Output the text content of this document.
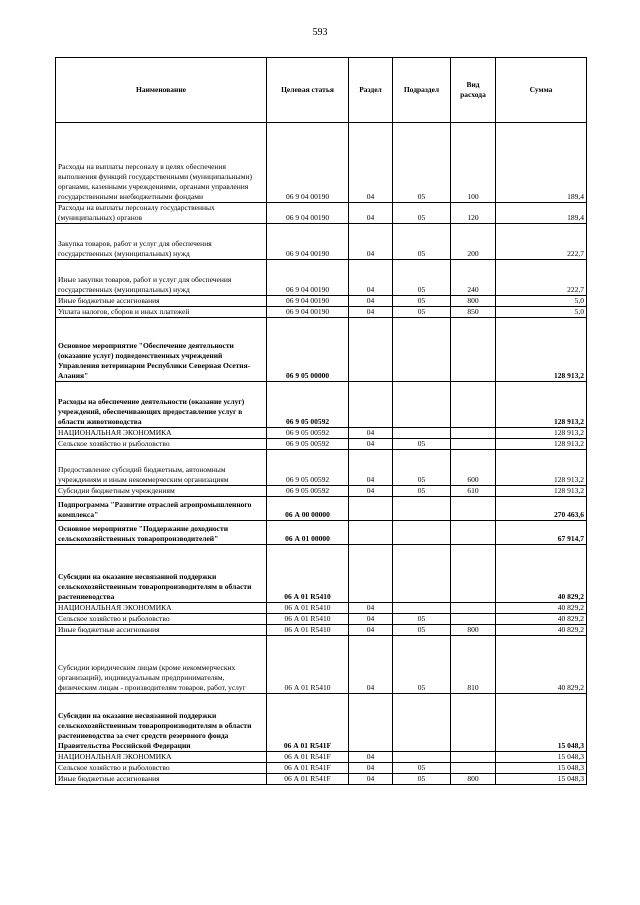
593
Наименование	Целевая статья	Раздел	Подраздел	Вид расхода	Сумма
Расходы на выплаты персоналу в целях обеспечения выполнения функций государственными (муниципальными) органами, казенными учреждениями, органами управления государственными внебюджетными фондами	06 9 04 00190	04	05	100	189,4
Расходы на выплаты персоналу государственных (муниципальных) органов	06 9 04 00190	04	05	120	189,4
Закупка товаров, работ и услуг для обеспечения государственных (муниципальных) нужд	06 9 04 00190	04	05	200	222,7
Иные закупки товаров, работ и услуг для обеспечения государственных (муниципальных) нужд	06 9 04 00190	04	05	240	222,7
Иные бюджетные ассигнования	06 9 04 00190	04	05	800	5,0
Уплата налогов, сборов и иных платежей	06 9 04 00190	04	05	850	5,0
Основное мероприятие "Обеспечение деятельности (оказание услуг) подведомственных учреждений Управления ветеринарии Республики Северная Осетия-Алания"	06 9 05 00000				128 913,2
Расходы на обеспечение деятельности (оказание услуг) учреждений, обеспечивающих предоставление услуг в области животноводства	06 9 05 00592				128 913,2
НАЦИОНАЛЬНАЯ ЭКОНОМИКА	06 9 05 00592	04			128 913,2
Сельское хозяйство и рыболовство	06 9 05 00592	04	05		128 913,2
Предоставление субсидий бюджетным, автономным учреждениям и иным некоммерческим организациям	06 9 05 00592	04	05	600	128 913,2
Субсидии бюджетным учреждениям	06 9 05 00592	04	05	610	128 913,2
Подпрограмма "Развитие отраслей агропромышленного комплекса"	06 А 00 00000				270 463,6
Основное мероприятие "Поддержание доходности сельскохозяйственных товаропроизводителей"	06 А 01 00000				67 914,7
Субсидии на оказание несвязанной поддержки сельскохозяйственным товаропроизводителям в области растениеводства	06 А 01 R5410				40 829,2
НАЦИОНАЛЬНАЯ ЭКОНОМИКА	06 А 01 R5410	04			40 829,2
Сельское хозяйство и рыболовство	06 А 01 R5410	04	05		40 829,2
Иные бюджетные ассигнования	06 А 01 R5410	04	05	800	40 829,2
Субсидии юридическим лицам (кроме некоммерческих организаций), индивидуальным предпринимателям, физическим лицам - производителям товаров, работ, услуг	06 А 01 R5410	04	05	810	40 829,2
Субсидии на оказание несвязанной поддержки сельскохозяйственным товаропроизводителям в области растениеводства за счет средств резервного фонда Правительства Российской Федерации	06 А 01 R541F				15 048,3
НАЦИОНАЛЬНАЯ ЭКОНОМИКА	06 А 01 R541F	04			15 048,3
Сельское хозяйство и рыболовство	06 А 01 R541F	04	05		15 048,3
Иные бюджетные ассигнования	06 А 01 R541F	04	05	800	15 048,3
